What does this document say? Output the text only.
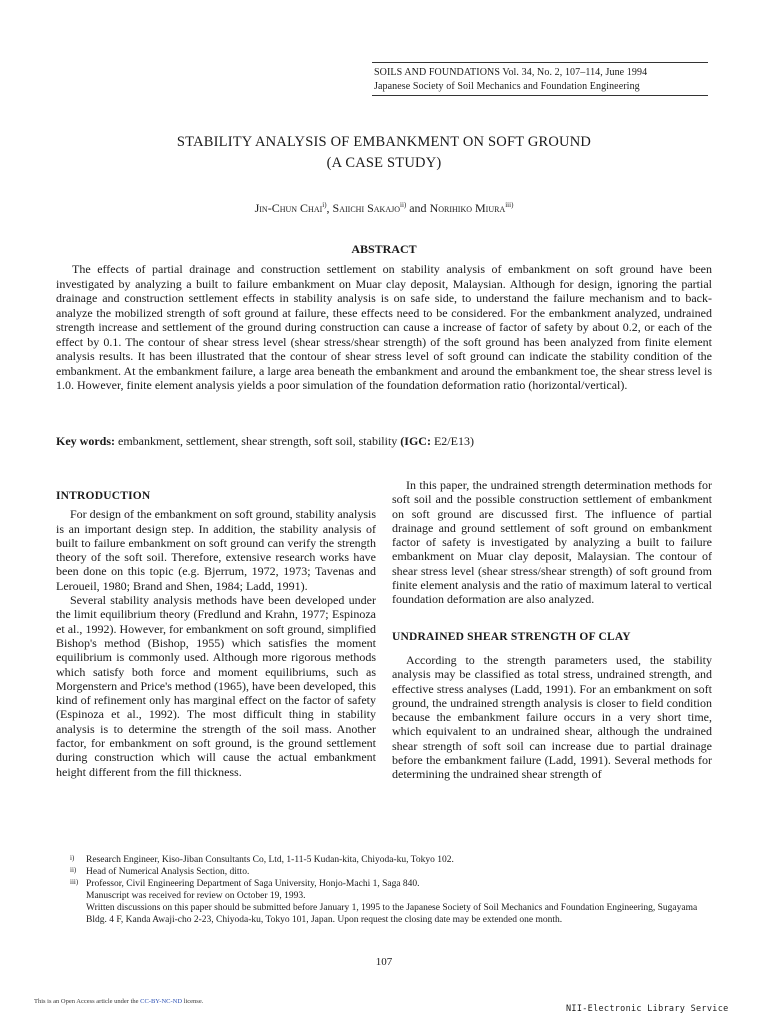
SOILS AND FOUNDATIONS Vol. 34, No. 2, 107–114, June 1994
Japanese Society of Soil Mechanics and Foundation Engineering
STABILITY ANALYSIS OF EMBANKMENT ON SOFT GROUND
(A CASE STUDY)
Jin-Chun Chai$^{i)}$, Saiichi Sakajo$^{ii)}$ and Norihiko Miura$^{iii)}$
ABSTRACT

The effects of partial drainage and construction settlement on stability analysis of embankment on soft ground have been investigated by analyzing a built to failure embankment on Muar clay deposit, Malaysian. Although for design, ignoring the partial drainage and construction settlement effects in stability analysis is on safe side, to understand the failure mechanism and to back-analyze the mobilized strength of soft ground at failure, these effects need to be considered. For the embankment analyzed, undrained strength increase and settlement of the ground during construction can cause a increase of factor of safety by about 0.2, or each of the effect by 0.1. The contour of shear stress level (shear stress/shear strength) of the soft ground has been analyzed from finite element analysis results. It has been illustrated that the contour of shear stress level of soft ground can indicate the stability condition of the embankment. At the embankment failure, a large area beneath the embankment and around the embankment toe, the shear stress level is 1.0. However, finite element analysis yields a poor simulation of the foundation deformation ratio (horizontal/vertical).

Key words: embankment, settlement, shear strength, soft soil, stability (IGC: E2/E13)
INTRODUCTION

For design of the embankment on soft ground, stability analysis is an important design step. In addition, the stability analysis of built to failure embankment on soft ground can verify the strength theory of the soft soil. Therefore, extensive research works have been done on this topic (e.g. Bjerrum, 1972, 1973; Tavenas and Leroueil, 1980; Brand and Shen, 1984; Ladd, 1991).

Several stability analysis methods have been developed under the limit equilibrium theory (Fredlund and Krahn, 1977; Espinoza et al., 1992). However, for embankment on soft ground, simplified Bishop's method (Bishop, 1955) which satisfies the moment equilibrium is commonly used. Although more rigorous methods which satisfy both force and moment equilibriums, such as Morgenstern and Price's method (1965), have been developed, this kind of refinement only has marginal effect on the factor of safety (Espinoza et al., 1992). The most difficult thing in stability analysis is to determine the strength of the soil mass. Another factor, for embankment on soft ground, is the ground settlement during construction which will cause the actual embankment height different from the fill thickness.

In this paper, the undrained strength determination methods for soft soil and the possible construction settlement of embankment on soft ground are discussed first. The influence of partial drainage and ground settlement of soft ground on embankment factor of safety is investigated by analyzing a built to failure embankment on Muar clay deposit, Malaysian. The contour of shear stress level (shear stress/shear strength) of soft ground from finite element analysis and the ratio of maximum lateral to vertical foundation deformation are also analyzed.

UNDRAINED SHEAR STRENGTH OF CLAY

According to the strength parameters used, the stability analysis may be classified as total stress, undrained strength, and effective stress analyses (Ladd, 1991). For an embankment on soft ground, the undrained strength analysis is closer to field condition because the embankment failure occurs in a very short time, which equivalent to an undrained shear, although the undrained shear strength of soft soil can increase due to partial drainage before the embankment failure (Ladd, 1991). Several methods for determining the undrained shear strength of

i) Research Engineer, Kiso-Jiban Consultants Co, Ltd, 1-11-5 Kudan-kita, Chiyoda-ku, Tokyo 102.
ii) Head of Numerical Analysis Section, ditto.
iii) Professor, Civil Engineering Department of Saga University, Honjo-Machi 1, Saga 840.
Manuscript was received for review on October 19, 1993.
Written discussions on this paper should be submitted before January 1, 1995 to the Japanese Society of Soil Mechanics and Foundation Engineering, Sugayama Bldg. 4 F, Kanda Awaji-cho 2-23, Chiyoda-ku, Tokyo 101, Japan. Upon request the closing date may be extended one month.
107
This is an Open Access article under the CC-BY-NC-ND license.
NII-Electronic Library Service
